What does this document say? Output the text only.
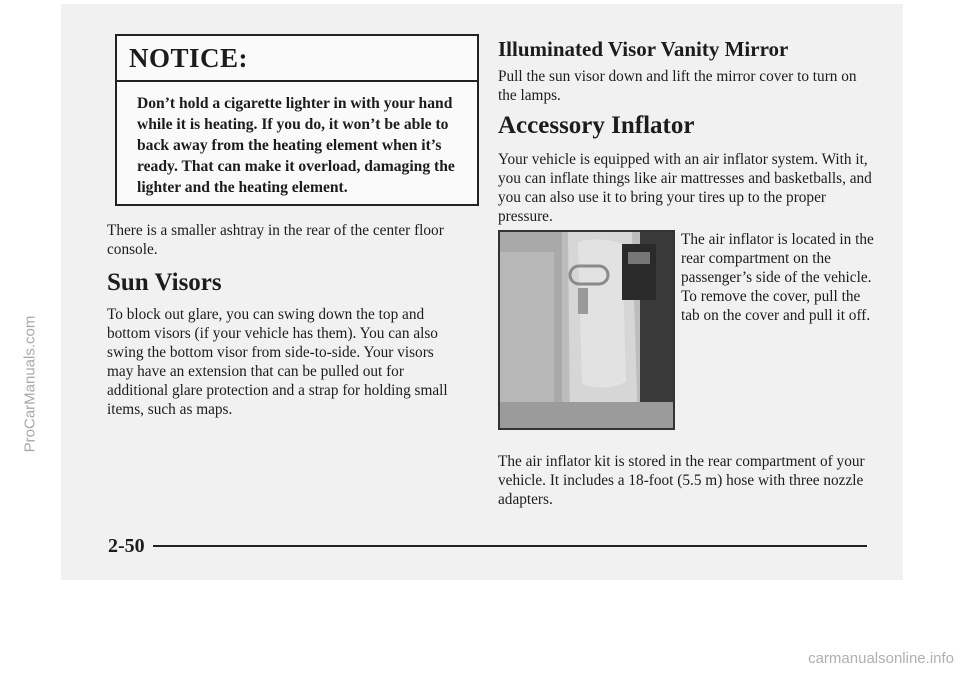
NOTICE:
Don’t hold a cigarette lighter in with your hand while it is heating. If you do, it won’t be able to back away from the heating element when it’s ready. That can make it overload, damaging the lighter and the heating element.

There is a smaller ashtray in the rear of the center floor console.

Sun Visors

To block out glare, you can swing down the top and bottom visors (if your vehicle has them). You can also swing the bottom visor from side-to-side. Your visors may have an extension that can be pulled out for additional glare protection and a strap for holding small items, such as maps.

Illuminated Visor Vanity Mirror

Pull the sun visor down and lift the mirror cover to turn on the lamps.

Accessory Inflator

Your vehicle is equipped with an air inflator system. With it, you can inflate things like air mattresses and basketballs, and you can also use it to bring your tires up to the proper pressure.

The air inflator is located in the rear compartment on the passenger’s side of the vehicle. To remove the cover, pull the tab on the cover and pull it off.

The air inflator kit is stored in the rear compartment of your vehicle. It includes a 18-foot (5.5 m) hose with three nozzle adapters.

2-50
ProCarManuals.com
carmanualsonline.info
